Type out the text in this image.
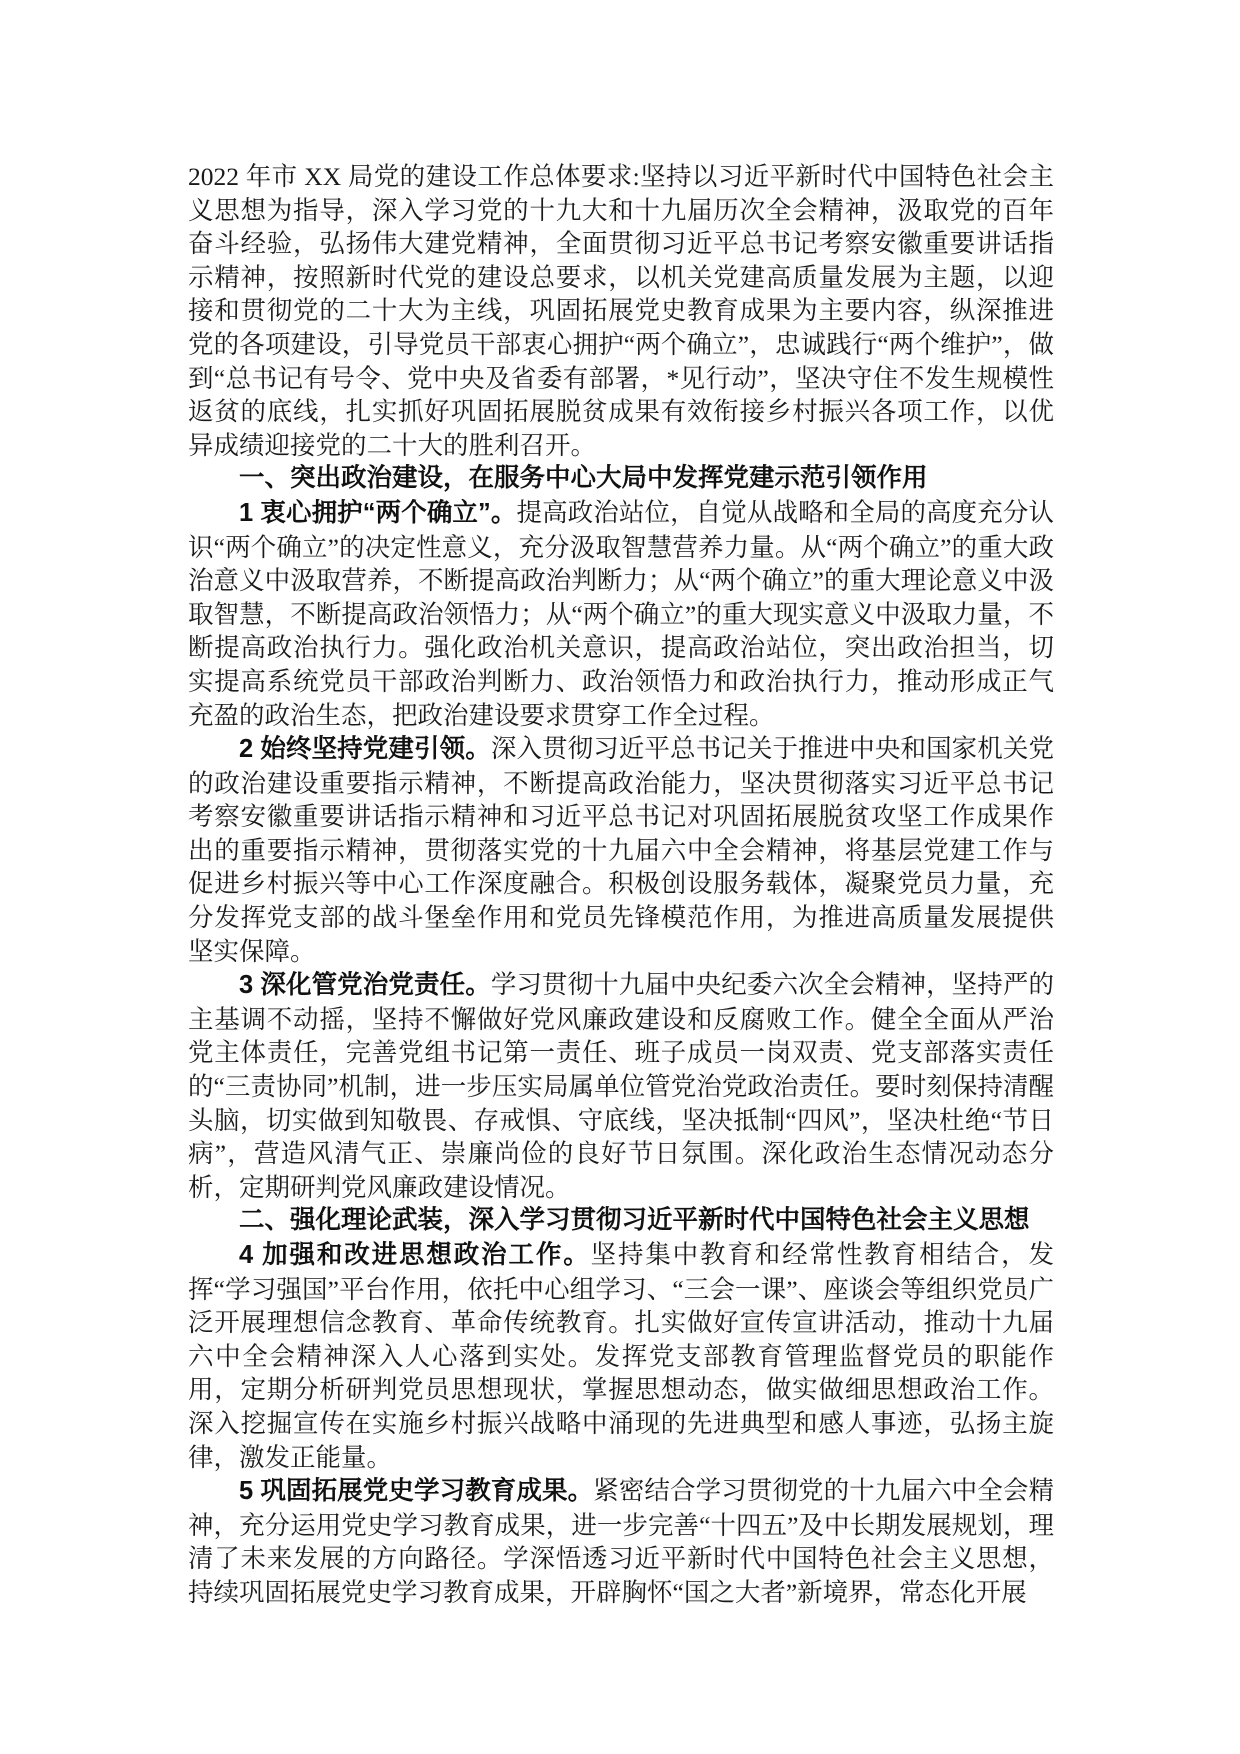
2022 年市 XX 局党的建设工作总体要求:坚持以习近平新时代中国特色社会主义思想为指导，深入学习党的十九大和十九届历次全会精神，汲取党的百年奋斗经验，弘扬伟大建党精神，全面贯彻习近平总书记考察安徽重要讲话指示精神，按照新时代党的建设总要求，以机关党建高质量发展为主题，以迎接和贯彻党的二十大为主线，巩固拓展党史教育成果为主要内容，纵深推进党的各项建设，引导党员干部衷心拥护“两个确立”，忠诚践行“两个维护”，做到“总书记有号令、党中央及省委有部署，*见行动”，坚决守住不发生规模性返贫的底线，扎实抓好巩固拓展脱贫成果有效衔接乡村振兴各项工作，以优异成绩迎接党的二十大的胜利召开。

一、突出政治建设，在服务中心大局中发挥党建示范引领作用

1 衷心拥护“两个确立”。提高政治站位，自觉从战略和全局的高度充分认识“两个确立”的决定性意义，充分汲取智慧营养力量。从“两个确立”的重大政治意义中汲取营养，不断提高政治判断力；从“两个确立”的重大理论意义中汲取智慧，不断提高政治领悟力；从“两个确立”的重大现实意义中汲取力量，不断提高政治执行力。强化政治机关意识，提高政治站位，突出政治担当，切实提高系统党员干部政治判断力、政治领悟力和政治执行力，推动形成正气充盈的政治生态，把政治建设要求贯穿工作全过程。

2 始终坚持党建引领。深入贯彻习近平总书记关于推进中央和国家机关党的政治建设重要指示精神，不断提高政治能力，坚决贯彻落实习近平总书记考察安徽重要讲话指示精神和习近平总书记对巩固拓展脱贫攻坚工作成果作出的重要指示精神，贯彻落实党的十九届六中全会精神，将基层党建工作与促进乡村振兴等中心工作深度融合。积极创设服务载体，凝聚党员力量，充分发挥党支部的战斗堡垒作用和党员先锋模范作用，为推进高质量发展提供坚实保障。

3 深化管党治党责任。学习贯彻十九届中央纪委六次全会精神，坚持严的主基调不动摇，坚持不懈做好党风廉政建设和反腐败工作。健全全面从严治党主体责任，完善党组书记第一责任、班子成员一岗双责、党支部落实责任的“三责协同”机制，进一步压实局属单位管党治党政治责任。要时刻保持清醒头脑，切实做到知敬畏、存戒惧、守底线，坚决抵制“四风”，坚决杜绝“节日病”，营造风清气正、崇廉尚俭的良好节日氛围。深化政治生态情况动态分析，定期研判党风廉政建设情况。

二、强化理论武装，深入学习贯彻习近平新时代中国特色社会主义思想

4 加强和改进思想政治工作。坚持集中教育和经常性教育相结合，发挥“学习强国”平台作用，依托中心组学习、“三会一课”、座谈会等组织党员广泛开展理想信念教育、革命传统教育。扎实做好宣传宣讲活动，推动十九届六中全会精神深入人心落到实处。发挥党支部教育管理监督党员的职能作用，定期分析研判党员思想现状，掌握思想动态，做实做细思想政治工作。深入挖掘宣传在实施乡村振兴战略中涌现的先进典型和感人事迹，弘扬主旋律，激发正能量。

5 巩固拓展党史学习教育成果。紧密结合学习贯彻党的十九届六中全会精神，充分运用党史学习教育成果，进一步完善“十四五”及中长期发展规划，理清了未来发展的方向路径。学深悟透习近平新时代中国特色社会主义思想，持续巩固拓展党史学习教育成果，开辟胸怀“国之大者”新境界，常态化开展
